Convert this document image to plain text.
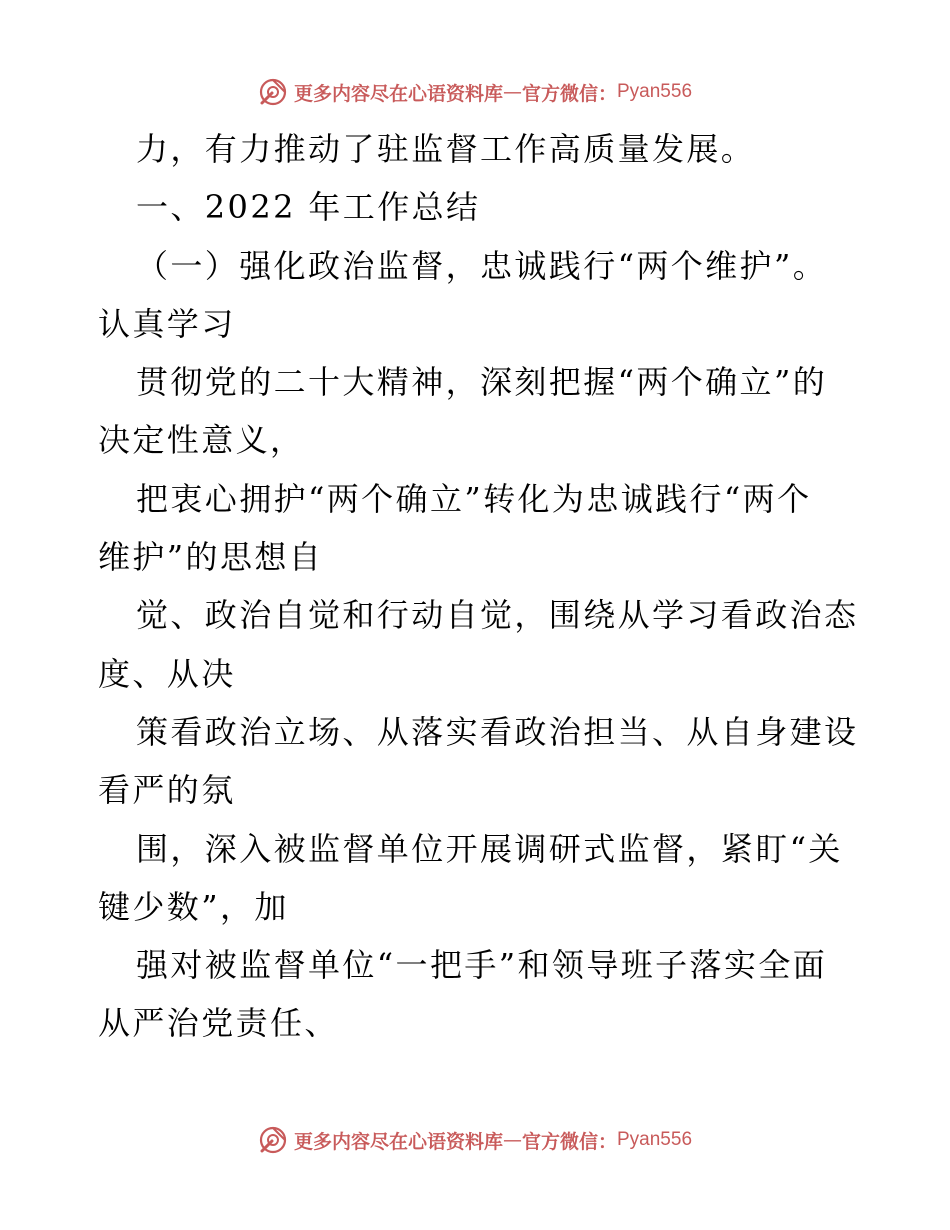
更多内容尽在心语资料库 — 官方微信： Pyan556
力，有力推动了驻监督工作高质量发展。
一、2022 年工作总结
（一）强化政治监督，忠诚践行“两个维护”。
认真学习
贯彻党的二十大精神，深刻把握“两个确立”的
决定性意义，
把衷心拥护“两个确立”转化为忠诚践行“两个
维护”的思想自
觉、政治自觉和行动自觉，围绕从学习看政治态
度、从决
策看政治立场、从落实看政治担当、从自身建设
看严的氛
围，深入被监督单位开展调研式监督，紧盯“关
键少数”，加
强对被监督单位“一把手”和领导班子落实全面
从严治党责任、
更多内容尽在心语资料库 — 官方微信： Pyan556
